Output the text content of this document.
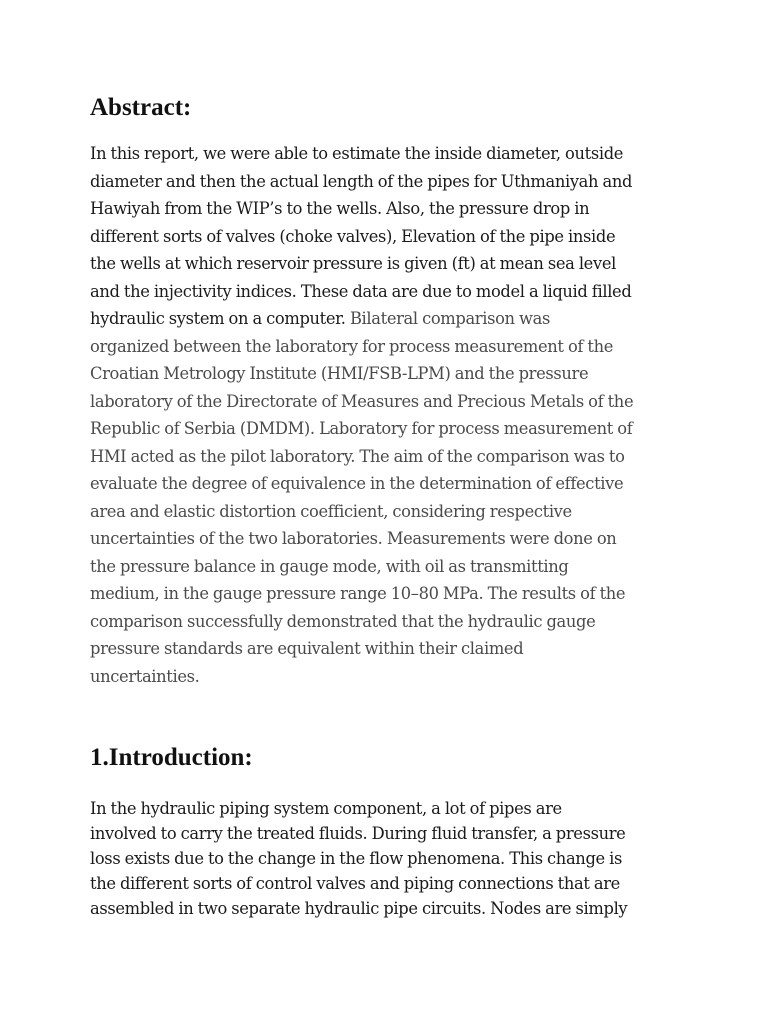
Abstract:
In this report, we were able to estimate the inside diameter, outside
diameter and then the actual length of the pipes for Uthmaniyah and
Hawiyah from the WIP’s to the wells. Also, the pressure drop in
different sorts of valves (choke valves), Elevation of the pipe inside
the wells at which reservoir pressure is given (ft) at mean sea level
and the injectivity indices. These data are due to model a liquid filled
hydraulic system on a computer. Bilateral comparison was
organized between the laboratory for process measurement of the
Croatian Metrology Institute (HMI/FSB-LPM) and the pressure
laboratory of the Directorate of Measures and Precious Metals of the
Republic of Serbia (DMDM). Laboratory for process measurement of
HMI acted as the pilot laboratory. The aim of the comparison was to
evaluate the degree of equivalence in the determination of effective
area and elastic distortion coefficient, considering respective
uncertainties of the two laboratories. Measurements were done on
the pressure balance in gauge mode, with oil as transmitting
medium, in the gauge pressure range 10–80 MPa. The results of the
comparison successfully demonstrated that the hydraulic gauge
pressure standards are equivalent within their claimed
uncertainties.
1.Introduction:
In the hydraulic piping system component, a lot of pipes are
involved to carry the treated fluids. During fluid transfer, a pressure
loss exists due to the change in the flow phenomena. This change is
the different sorts of control valves and piping connections that are
assembled in two separate hydraulic pipe circuits. Nodes are simply
